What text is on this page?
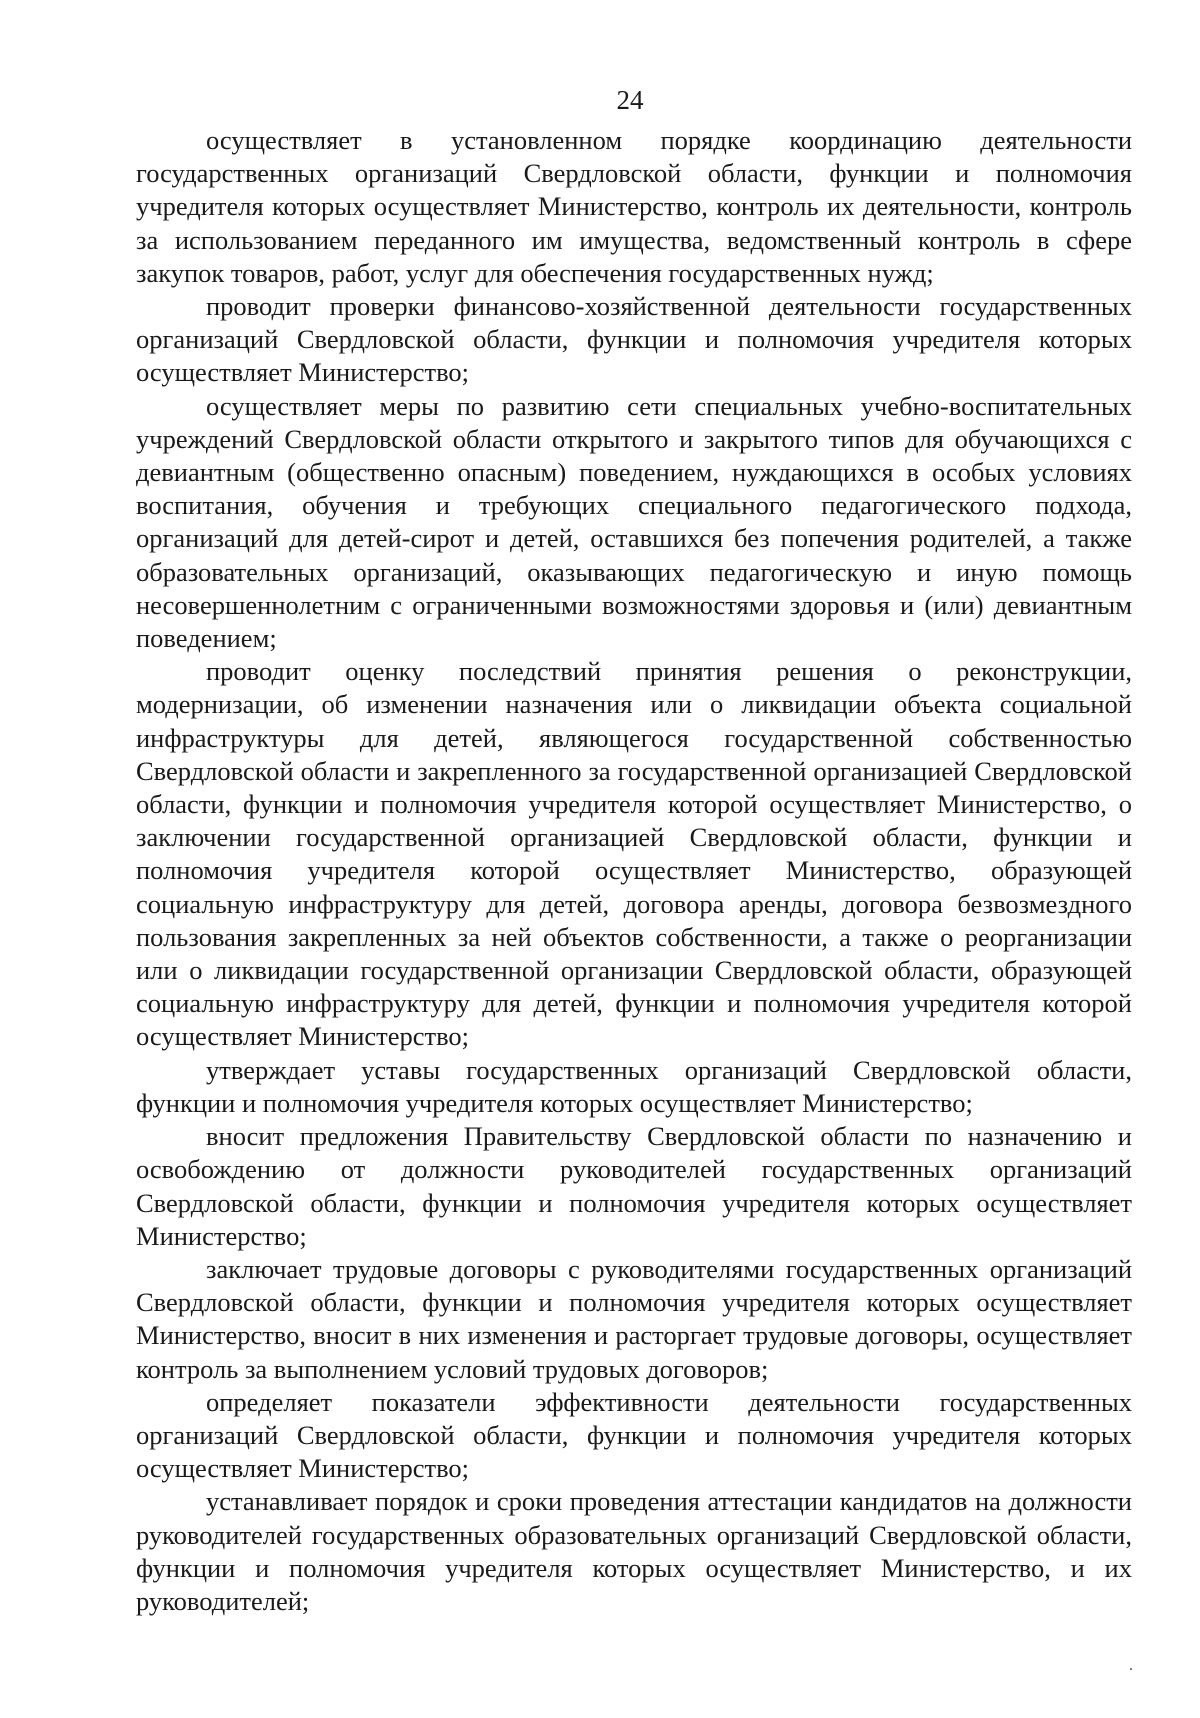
24

осуществляет в установленном порядке координацию деятельности государственных организаций Свердловской области, функции и полномочия учредителя которых осуществляет Министерство, контроль их деятельности, контроль за использованием переданного им имущества, ведомственный контроль в сфере закупок товаров, работ, услуг для обеспечения государственных нужд;

проводит проверки финансово-хозяйственной деятельности государственных организаций Свердловской области, функции и полномочия учредителя которых осуществляет Министерство;

осуществляет меры по развитию сети специальных учебно-воспитательных учреждений Свердловской области открытого и закрытого типов для обучающихся с девиантным (общественно опасным) поведением, нуждающихся в особых условиях воспитания, обучения и требующих специального педагогического подхода, организаций для детей-сирот и детей, оставшихся без попечения родителей, а также образовательных организаций, оказывающих педагогическую и иную помощь несовершеннолетним с ограниченными возможностями здоровья и (или) девиантным поведением;

проводит оценку последствий принятия решения о реконструкции, модернизации, об изменении назначения или о ликвидации объекта социальной инфраструктуры для детей, являющегося государственной собственностью Свердловской области и закрепленного за государственной организацией Свердловской области, функции и полномочия учредителя которой осуществляет Министерство, о заключении государственной организацией Свердловской области, функции и полномочия учредителя которой осуществляет Министерство, образующей социальную инфраструктуру для детей, договора аренды, договора безвозмездного пользования закрепленных за ней объектов собственности, а также о реорганизации или о ликвидации государственной организации Свердловской области, образующей социальную инфраструктуру для детей, функции и полномочия учредителя которой осуществляет Министерство;

утверждает уставы государственных организаций Свердловской области, функции и полномочия учредителя которых осуществляет Министерство;

вносит предложения Правительству Свердловской области по назначению и освобождению от должности руководителей государственных организаций Свердловской области, функции и полномочия учредителя которых осуществляет Министерство;

заключает трудовые договоры с руководителями государственных организаций Свердловской области, функции и полномочия учредителя которых осуществляет Министерство, вносит в них изменения и расторгает трудовые договоры, осуществляет контроль за выполнением условий трудовых договоров;

определяет показатели эффективности деятельности государственных организаций Свердловской области, функции и полномочия учредителя которых осуществляет Министерство;

устанавливает порядок и сроки проведения аттестации кандидатов на должности руководителей государственных образовательных организаций Свердловской области, функции и полномочия учредителя которых осуществляет Министерство, и их руководителей;
